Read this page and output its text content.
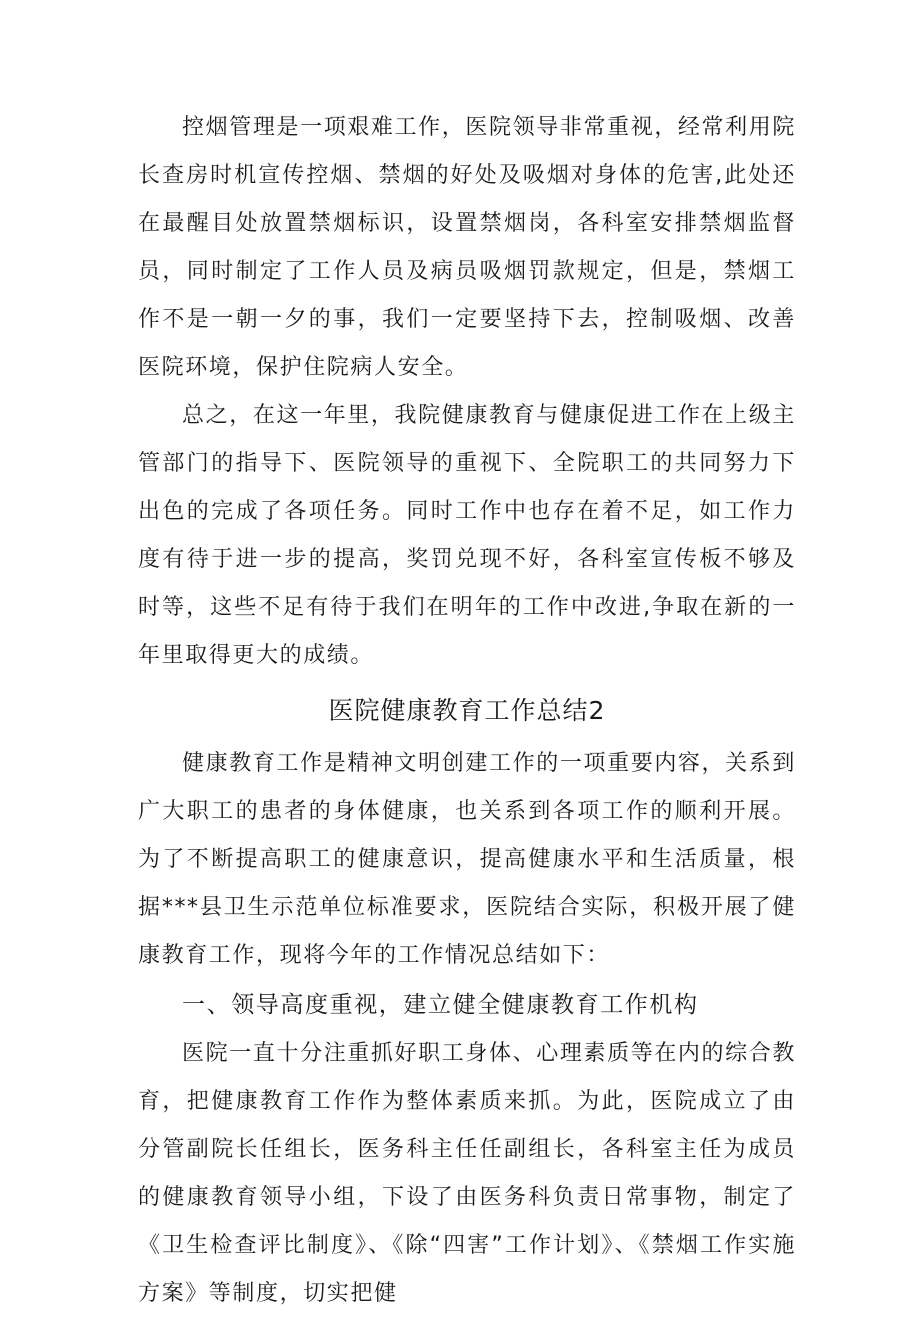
控烟管理是一项艰难工作，医院领导非常重视，经常利用院长查房时机宣传控烟、禁烟的好处及吸烟对身体的危害,此处还在最醒目处放置禁烟标识，设置禁烟岗，各科室安排禁烟监督员，同时制定了工作人员及病员吸烟罚款规定，但是，禁烟工作不是一朝一夕的事，我们一定要坚持下去，控制吸烟、改善医院环境，保护住院病人安全。

总之，在这一年里，我院健康教育与健康促进工作在上级主管部门的指导下、医院领导的重视下、全院职工的共同努力下出色的完成了各项任务。同时工作中也存在着不足，如工作力度有待于进一步的提高，奖罚兑现不好，各科室宣传板不够及时等，这些不足有待于我们在明年的工作中改进,争取在新的一年里取得更大的成绩。

医院健康教育工作总结2

健康教育工作是精神文明创建工作的一项重要内容，关系到广大职工的患者的身体健康，也关系到各项工作的顺利开展。为了不断提高职工的健康意识，提高健康水平和生活质量，根据***县卫生示范单位标准要求，医院结合实际，积极开展了健康教育工作，现将今年的工作情况总结如下：

一、领导高度重视，建立健全健康教育工作机构

医院一直十分注重抓好职工身体、心理素质等在内的综合教育，把健康教育工作作为整体素质来抓。为此，医院成立了由分管副院长任组长，医务科主任任副组长，各科室主任为成员的健康教育领导小组，下设了由医务科负责日常事物，制定了《卫生检查评比制度》、《除“四害”工作计划》、《禁烟工作实施方案》等制度，切实把健
